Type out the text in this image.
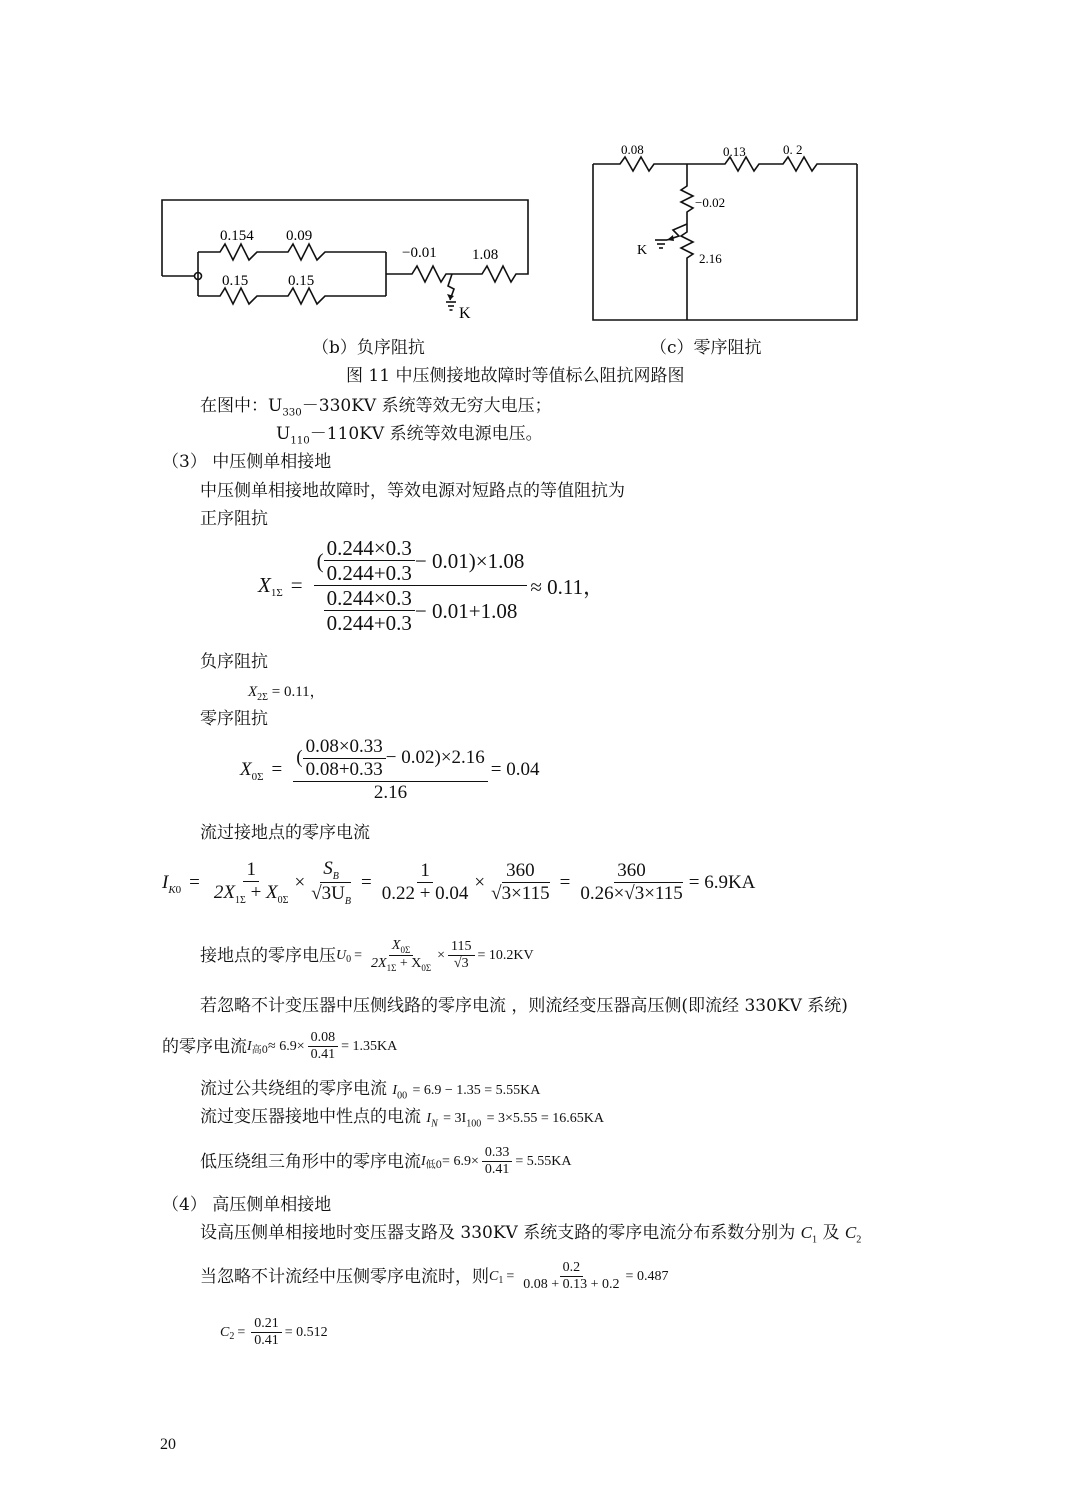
0.154 0.09
0.15	0.15
−0.01 1.08
K
0.08	0.13	0. 2
−0.02
K
2.16
（b）负序阻抗	（c）零序阻抗
图 11 中压侧接地故障时等值标么阻抗网路图
在图中：$U_{330}-330KV$ 系统等效无穷大电压；
$U_{110}-110KV$ 系统等效电源电压。
（3） 中压侧单相接地
中压侧单相接地故障时，等效电源对短路点的等值阻抗为
正序阻抗
$X_{1\Sigma} = \frac{( \frac{0.244\times 0.3}{0.244+0.3} - 0.01)\times 1.08}{\frac{0.244\times 0.3}{0.244+0.3} - 0.01+1.08} \approx 0.11$，
负序阻抗
$X_{2\Sigma} = 0.11$，
零序阻抗
$X_{0\Sigma} = \frac{( \frac{0.08\times 0.33}{0.08+0.33} - 0.02)\times 2.16}{2.16} = 0.04$
流过接地点的零序电流
$I_K$ $0 = \frac{1}{2X_{1\Sigma} + X_{0\Sigma}} \times \frac{S_B}{√3U_B} = \frac{1}{0.22 + 0.04} \times \frac{360}{√3\times 115} = \frac{360}{0.26\times√3\times 115} = 6.9KA$
接地点的零序电压 $U_0 = \frac{X_{0\Sigma}}{2X_{1\Sigma} + X_{0\Sigma}} \times \frac{115}{√3} = 10.2KV$
若忽略不计变压器中压侧线路的零序电流 ，则流经变压器高压侧(即流经 330KV 系统)
的零序电流 $I_{高0} \approx 6.9\times \frac{0.08}{0.41} = 1.35KA$
流过公共绕组的零序电流 $I_{00} = 6.9 - 1.35 = 5.55KA$
流过变压器接地中性点的电流 $I_N = 3I_{100} = 3\times 5.55 = 16.65KA$
低压绕组三角形中的零序电流 $I_{低0} = 6.9\times \frac{0.33}{0.41} = 5.55KA$
（4） 高压侧单相接地
设高压侧单相接地时变压器支路及 330KV 系统支路的零序电流分布系数分别为 $C_1$ 及 $C_2$
当忽略不计流经中压侧零序电流时，则 $C_1 = \frac{0.2}{0.08 + 0.13 + 0.2} = 0.487$
$C_2 = \frac{0.21}{0.41} = 0.512$
20
